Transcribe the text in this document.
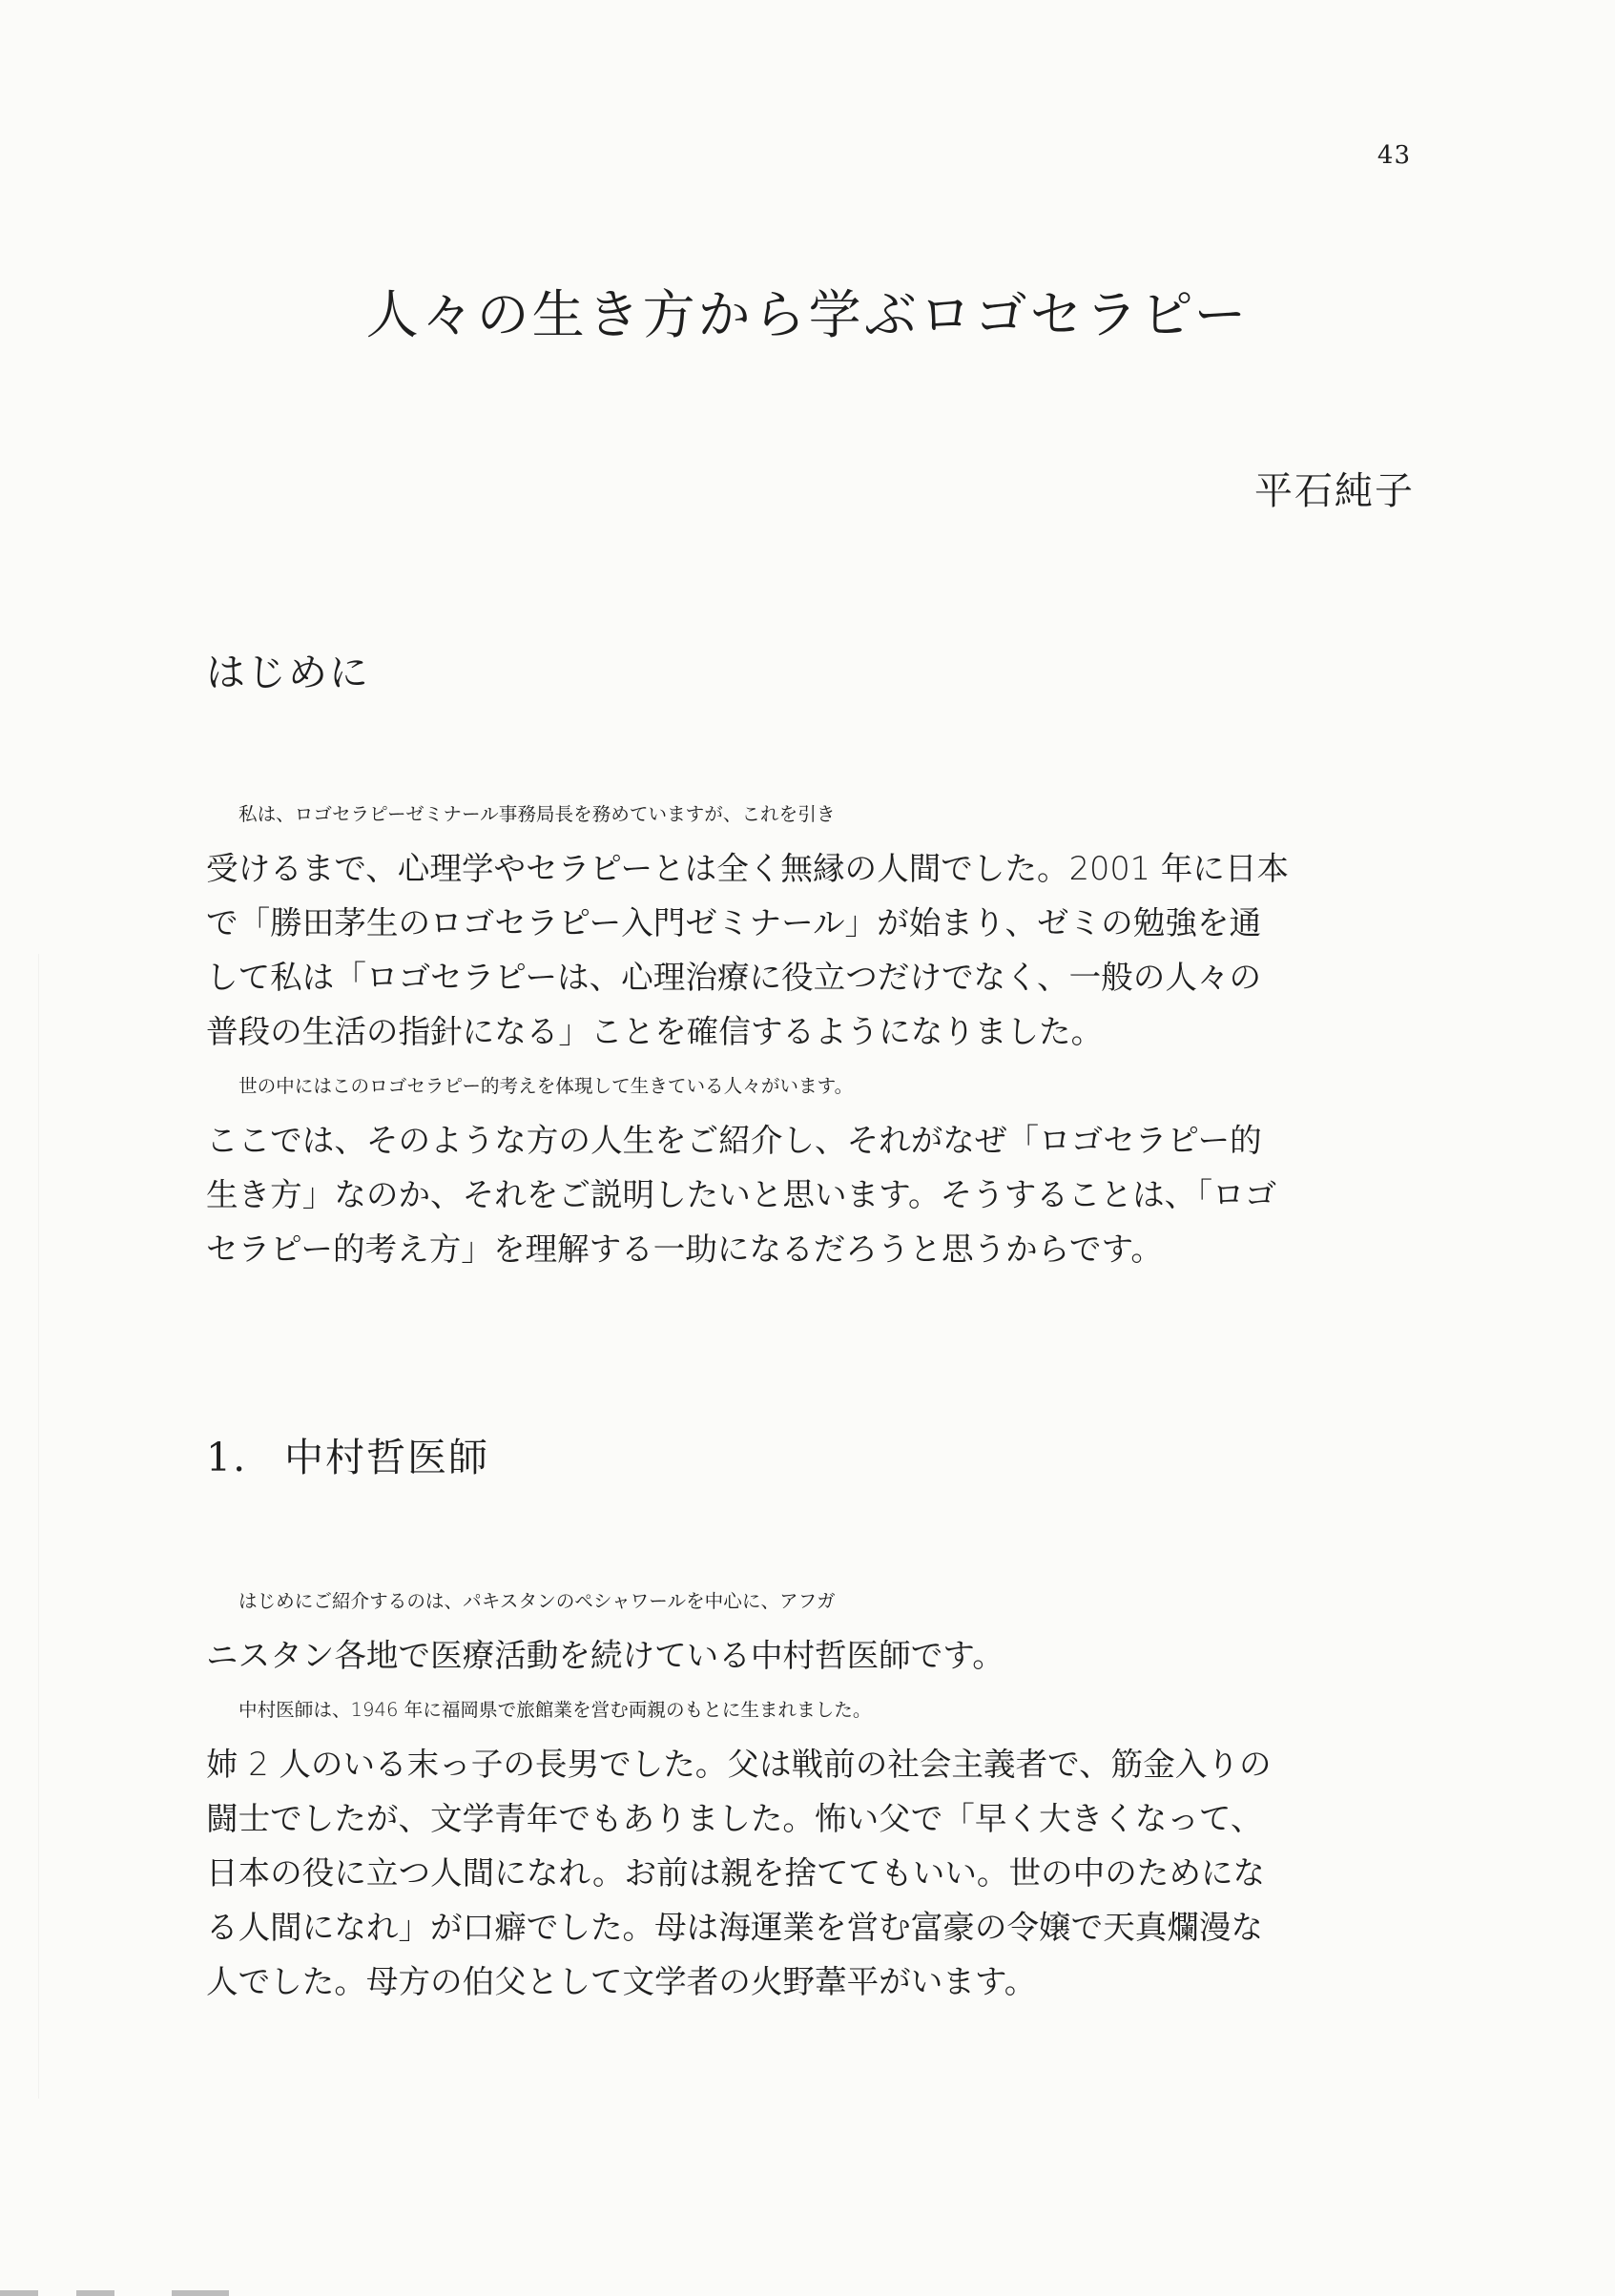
43
人々の生き方から学ぶロゴセラピー
平石純子
はじめに

私は、ロゴセラピーゼミナール事務局長を務めていますが、これを引き

受けるまで、心理学やセラピーとは全く無縁の人間でした。2001 年に日本

で「勝田茅生のロゴセラピー入門ゼミナール」が始まり、ゼミの勉強を通

して私は「ロゴセラピーは、心理治療に役立つだけでなく、一般の人々の

普段の生活の指針になる」ことを確信するようになりました。

世の中にはこのロゴセラピー的考えを体現して生きている人々がいます。

ここでは、そのような方の人生をご紹介し、それがなぜ「ロゴセラピー的

生き方」なのか、それをご説明したいと思います。そうすることは、「ロゴ

セラピー的考え方」を理解する一助になるだろうと思うからです。

1. 中村哲医師

はじめにご紹介するのは、パキスタンのペシャワールを中心に、アフガ

ニスタン各地で医療活動を続けている中村哲医師です。

中村医師は、1946 年に福岡県で旅館業を営む両親のもとに生まれました。

姉 2 人のいる末っ子の長男でした。父は戦前の社会主義者で、筋金入りの

闘士でしたが、文学青年でもありました。怖い父で「早く大きくなって、

日本の役に立つ人間になれ。お前は親を捨ててもいい。世の中のためにな

る人間になれ」が口癖でした。母は海運業を営む富豪の令嬢で天真爛漫な

人でした。母方の伯父として文学者の火野葦平がいます。
